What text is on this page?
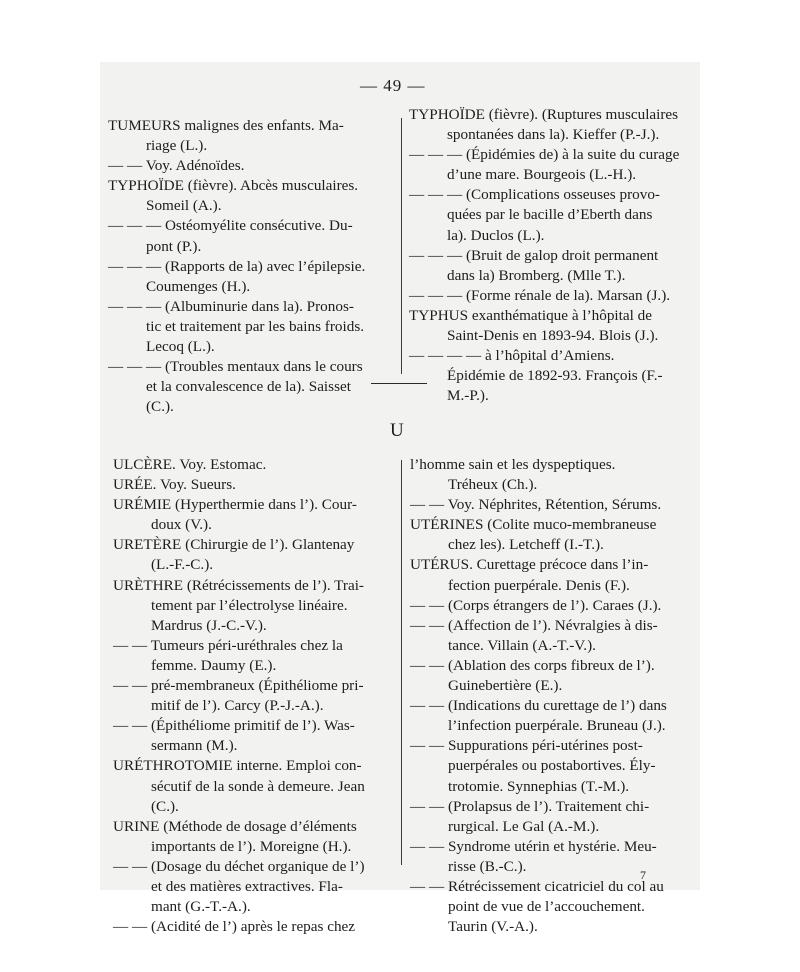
— 49 —
TUMEURS malignes des enfants. Ma-
riage (L.).
— — Voy. Adénoïdes.
TYPHOÏDE (fièvre). Abcès musculaires.
Someil (A.).
— — — Ostéomyélite consécutive. Du-
pont (P.).
— — — (Rapports de la) avec l’épilepsie.
Coumenges (H.).
— — — (Albuminurie dans la). Pronos-
tic et traitement par les bains froids.
Lecoq (L.).
— — — (Troubles mentaux dans le cours
et la convalescence de la). Saisset
(C.).
TYPHOÏDE (fièvre). (Ruptures musculaires
spontanées dans la). Kieffer (P.-J.).
— — — (Épidémies de) à la suite du curage
d’une mare. Bourgeois (L.-H.).
— — — (Complications osseuses provo-
quées par le bacille d’Eberth dans
la). Duclos (L.).
— — — (Bruit de galop droit permanent
dans la) Bromberg. (Mlle T.).
— — — (Forme rénale de la). Marsan (J.).
TYPHUS exanthématique à l’hôpital de
Saint-Denis en 1893-94. Blois (J.).
— — — — à l’hôpital d’Amiens.
Épidémie de 1892-93. François (F.-
M.-P.).
U
ULCÈRE. Voy. Estomac.
URÉE. Voy. Sueurs.
URÉMIE (Hyperthermie dans l’). Cour-
doux (V.).
URETÈRE (Chirurgie de l’). Glantenay
(L.-F.-C.).
URÈTHRE (Rétrécissements de l’). Trai-
tement par l’électrolyse linéaire.
Mardrus (J.-C.-V.).
— — Tumeurs péri-uréthrales chez la
femme. Daumy (E.).
— — pré-membraneux (Épithéliome pri-
mitif de l’). Carcy (P.-J.-A.).
— — (Épithéliome primitif de l’). Was-
sermann (M.).
URÉTHROTOMIE interne. Emploi con-
sécutif de la sonde à demeure. Jean
(C.).
URINE (Méthode de dosage d’éléments
importants de l’). Moreigne (H.).
— — (Dosage du déchet organique de l’)
et des matières extractives. Fla-
mant (G.-T.-A.).
— — (Acidité de l’) après le repas chez
l’homme sain et les dyspeptiques.
Tréheux (Ch.).
— — Voy. Néphrites, Rétention, Sérums.
UTÉRINES (Colite muco-membraneuse
chez les). Letcheff (I.-T.).
UTÉRUS. Curettage précoce dans l’in-
fection puerpérale. Denis (F.).
— — (Corps étrangers de l’). Caraes (J.).
— — (Affection de l’). Névralgies à dis-
tance. Villain (A.-T.-V.).
— — (Ablation des corps fibreux de l’).
Guinebertière (E.).
— — (Indications du curettage de l’) dans
l’infection puerpérale. Bruneau (J.).
— — Suppurations péri-utérines post-
puerpérales ou postabortives. Ély-
trotomie. Synnephias (T.-M.).
— — (Prolapsus de l’). Traitement chi-
rurgical. Le Gal (A.-M.).
— — Syndrome utérin et hystérie. Meu-
risse (B.-C.).
— — Rétrécissement cicatriciel du col au
point de vue de l’accouchement.
Taurin (V.-A.).
7
